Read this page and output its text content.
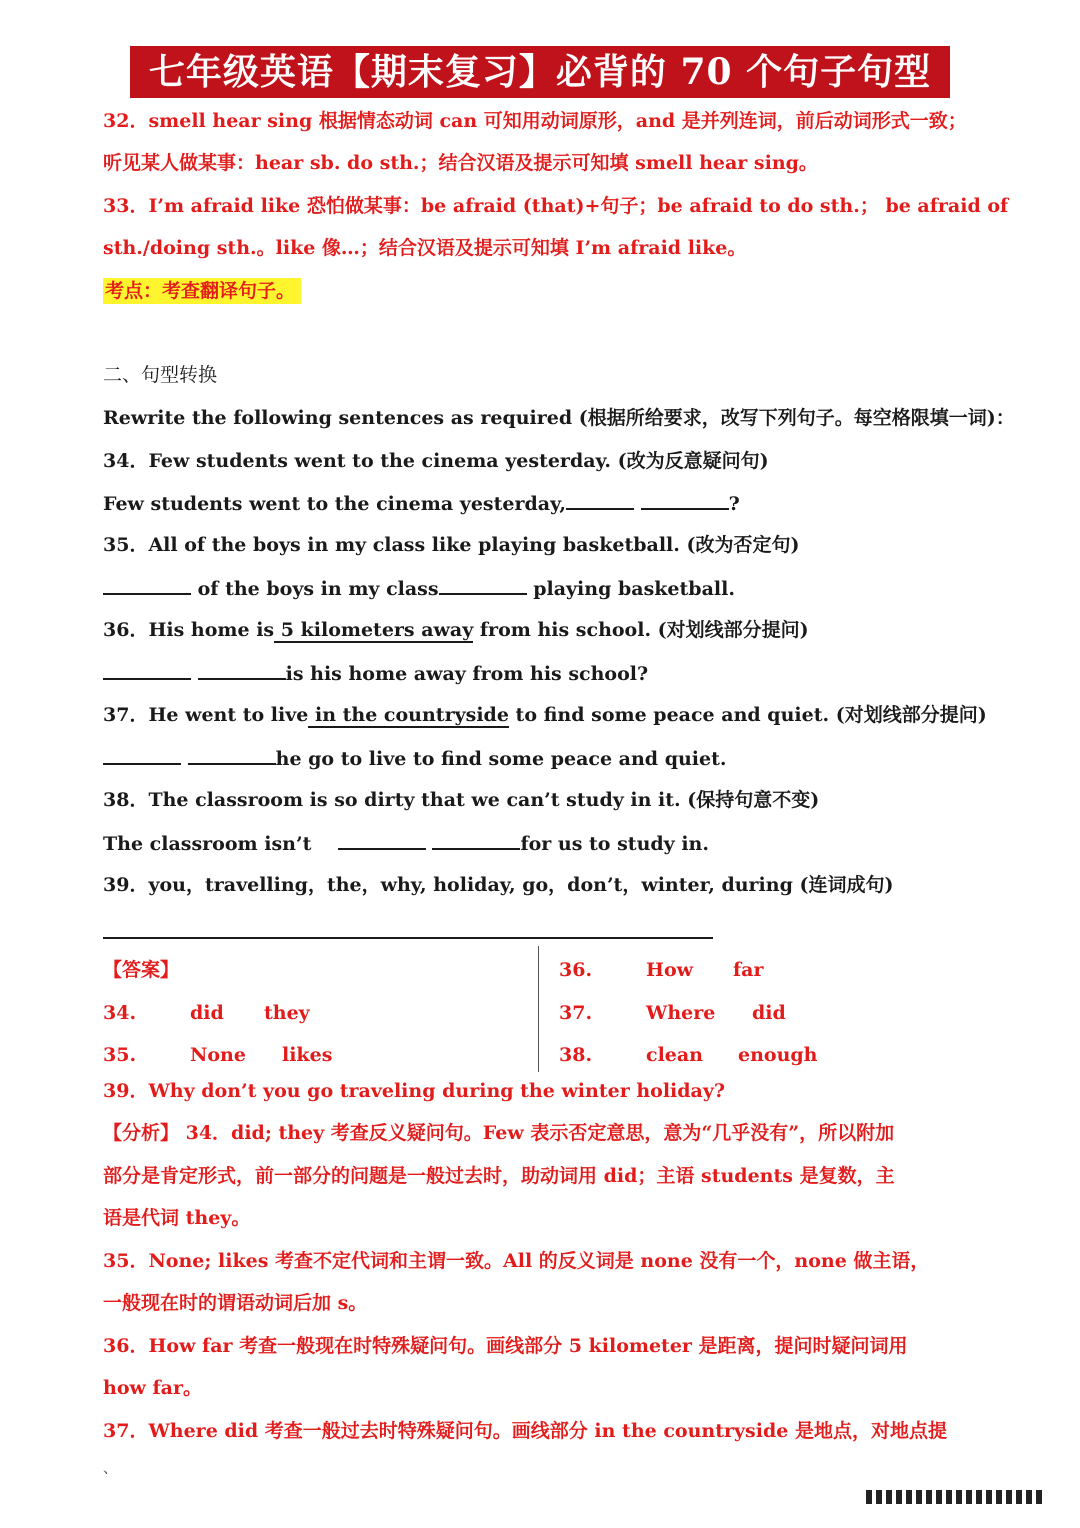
七年级英语【期末复习】必背的 70 个句子句型
32．smell hear sing 根据情态动词 can 可知用动词原形，and 是并列连词，前后动词形式一致；
听见某人做某事：hear sb. do sth.；结合汉语及提示可知填 smell hear sing。
33．I’m afraid like 恐怕做某事：be afraid (that)+句子；be afraid to do sth.； be afraid of
sth./doing sth.。like 像…；结合汉语及提示可知填 I’m afraid like。
考点：考查翻译句子。
二、句型转换
Rewrite the following sentences as required (根据所给要求，改写下列句子。每空格限填一词)：
34．Few students went to the cinema yesterday. (改为反意疑问句)
Few students went to the cinema yesterday,	?
35．All of the boys in my class like playing basketball. (改为否定句)
of the boys in my class	playing basketball.
36．His home is 5 kilometers away from his school. (对划线部分提问)
is his home away from his school?
37．He went to live in the countryside to find some peace and quiet. (对划线部分提问)
he go to live to find some peace and quiet.
38．The classroom is so dirty that we can’t study in it. (保持句意不变)
The classroom isn’t	for us to study in.
39．you，travelling，the，why, holiday, go，don’t，winter, during (连词成句)
【答案】
34.	did they
35.	None likes
36.	How far
37.	Where did
38.	clean enough
39．Why don’t you go traveling during the winter holiday?
【分析】 34．did; they 考查反义疑问句。Few 表示否定意思，意为“几乎没有”，所以附加
部分是肯定形式，前一部分的问题是一般过去时，助动词用 did；主语 students 是复数，主
语是代词 they。
35．None; likes 考查不定代词和主谓一致。All 的反义词是 none 没有一个，none 做主语，
一般现在时的谓语动词后加 s。
36．How far 考查一般现在时特殊疑问句。画线部分 5 kilometer 是距离，提问时疑问词用
how far。
37．Where did 考查一般过去时特殊疑问句。画线部分 in the countryside 是地点，对地点提
、
